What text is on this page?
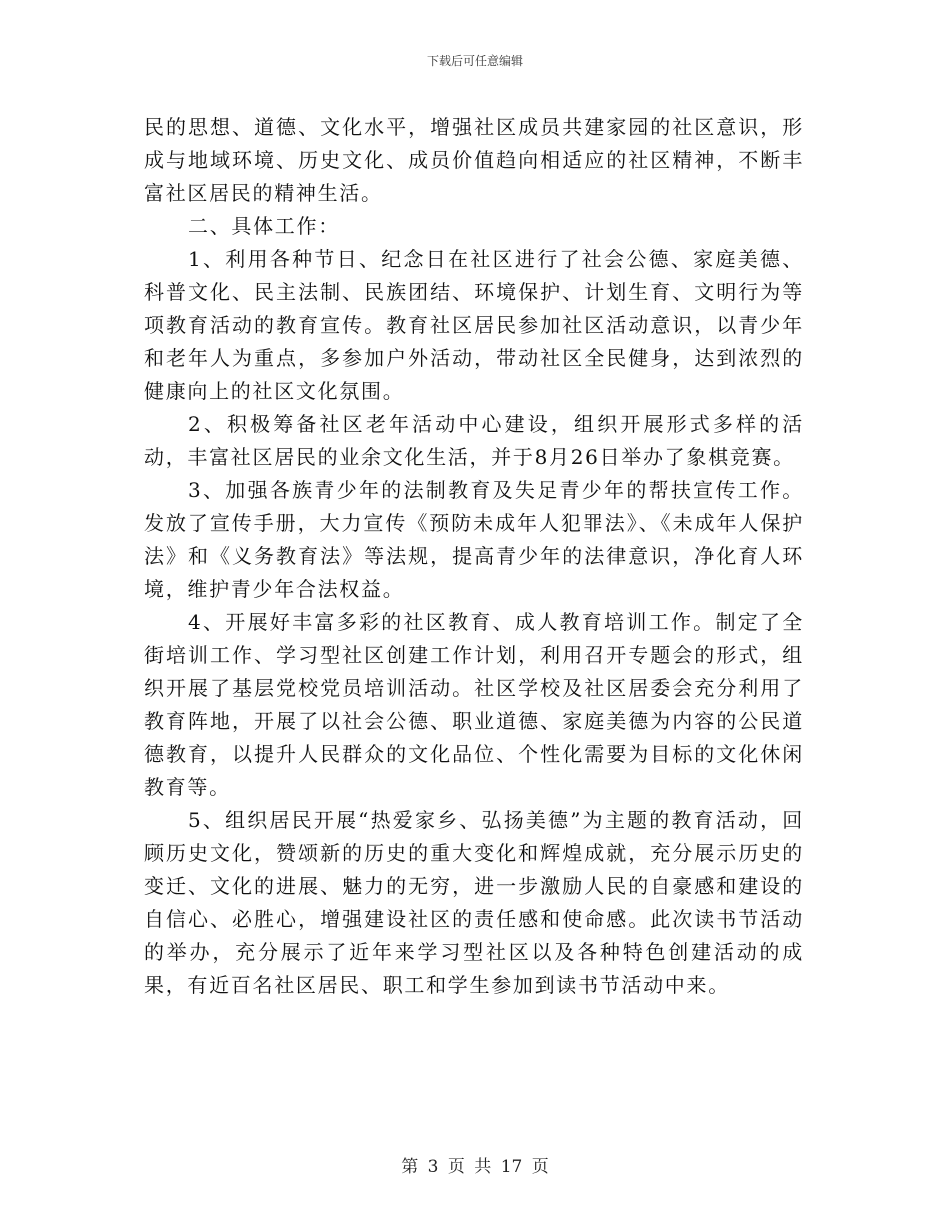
下载后可任意编辑

民的思想、道德、文化水平，增强社区成员共建家园的社区意识，形成与地域环境、历史文化、成员价值趋向相适应的社区精神，不断丰富社区居民的精神生活。

二、具体工作：

1、利用各种节日、纪念日在社区进行了社会公德、家庭美德、科普文化、民主法制、民族团结、环境保护、计划生育、文明行为等项教育活动的教育宣传。教育社区居民参加社区活动意识，以青少年和老年人为重点，多参加户外活动，带动社区全民健身，达到浓烈的健康向上的社区文化氛围。

2、积极筹备社区老年活动中心建设，组织开展形式多样的活动，丰富社区居民的业余文化生活，并于8月26日举办了象棋竞赛。

3、加强各族青少年的法制教育及失足青少年的帮扶宣传工作。发放了宣传手册，大力宣传《预防未成年人犯罪法》、《未成年人保护法》和《义务教育法》等法规，提高青少年的法律意识，净化育人环境，维护青少年合法权益。

4、开展好丰富多彩的社区教育、成人教育培训工作。制定了全街培训工作、学习型社区创建工作计划，利用召开专题会的形式，组织开展了基层党校党员培训活动。社区学校及社区居委会充分利用了教育阵地，开展了以社会公德、职业道德、家庭美德为内容的公民道德教育，以提升人民群众的文化品位、个性化需要为目标的文化休闲教育等。

5、组织居民开展“热爱家乡、弘扬美德”为主题的教育活动，回顾历史文化，赞颂新的历史的重大变化和辉煌成就，充分展示历史的变迁、文化的进展、魅力的无穷，进一步激励人民的自豪感和建设的自信心、必胜心，增强建设社区的责任感和使命感。此次读书节活动的举办，充分展示了近年来学习型社区以及各种特色创建活动的成果，有近百名社区居民、职工和学生参加到读书节活动中来。

第 3 页 共 17 页
